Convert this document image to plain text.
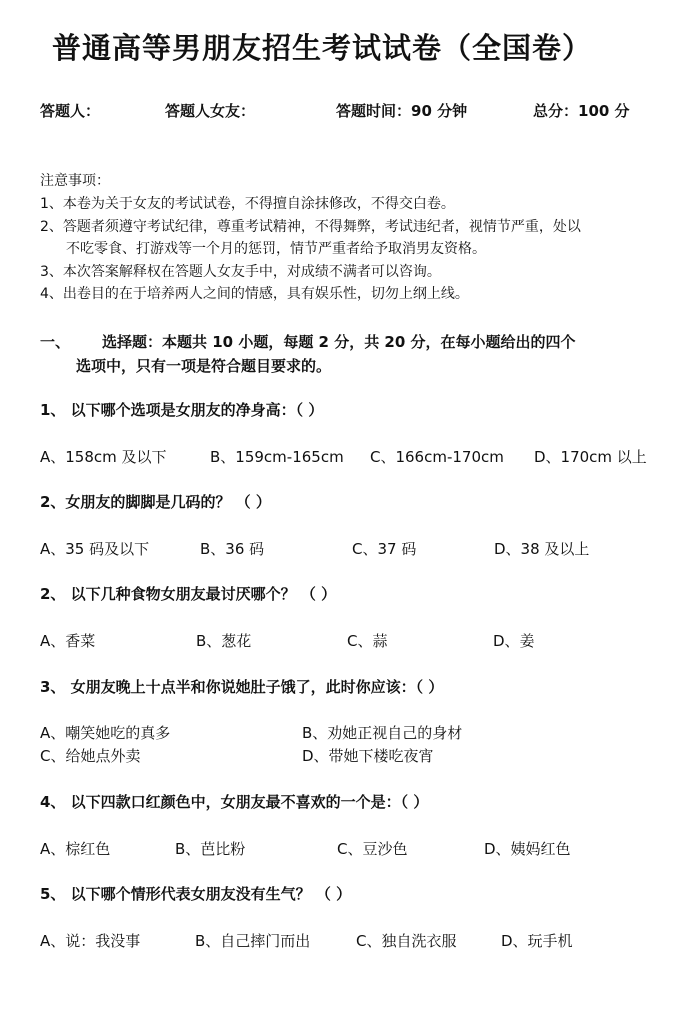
普通高等男朋友招生考试试卷（全国卷）
答题人：	答题人女友：	答题时间：90 分钟	总分：100 分
注意事项：
1、本卷为关于女友的考试试卷，不得擅自涂抹修改，不得交白卷。
2、答题者须遵守考试纪律，尊重考试精神，不得舞弊，考试违纪者，视情节严重，处以
不吃零食、打游戏等一个月的惩罚，情节严重者给予取消男友资格。
3、本次答案解释权在答题人女友手中，对成绩不满者可以咨询。
4、出卷目的在于培养两人之间的情感，具有娱乐性，切勿上纲上线。
一、 选择题：本题共 10 小题，每题 2 分，共 20 分，在每小题给出的四个
选项中，只有一项是符合题目要求的。
1、 以下哪个选项是女朋友的净身高：（ ）
A、158cm 及以下	B、159cm-165cm C、166cm-170cm D、170cm 以上
2、女朋友的脚脚是几码的？ （ ）
A、35 码及以下	B、36 码	C、37 码	D、38 及以上
2、 以下几种食物女朋友最讨厌哪个？ （ ）
A、香菜	B、葱花	C、蒜	D、姜
3、 女朋友晚上十点半和你说她肚子饿了，此时你应该：（ ）
A、嘲笑她吃的真多	B、劝她正视自己的身材
C、给她点外卖	D、带她下楼吃夜宵
4、 以下四款口红颜色中，女朋友最不喜欢的一个是：（ ）
A、棕红色	B、芭比粉	C、豆沙色	D、姨妈红色
5、 以下哪个情形代表女朋友没有生气？ （ ）
A、说：我没事	B、自己摔门而出	C、独自洗衣服	D、玩手机
